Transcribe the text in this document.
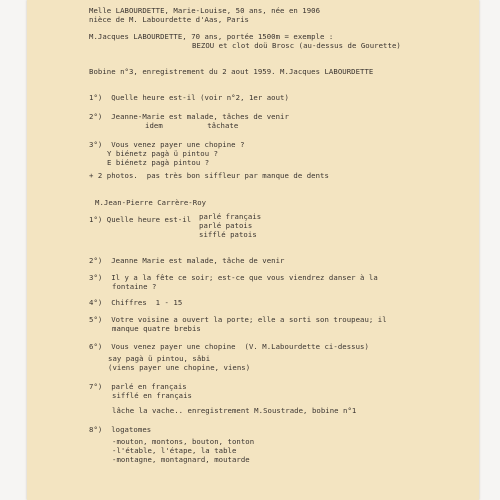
Melle LABOURDETTE, Marie-Louise, 50 ans, née en 1906
nièce de M. Labourdette d'Aas, Paris
M.Jacques LABOURDETTE, 70 ans, portée 1500m = exemple :
BEZOU et clot doü Brosc (au-dessus de Gourette)
Bobine n°3, enregistrement du 2 aout 1959. M.Jacques LABOURDETTE
1°)  Quelle heure est-il (voir n°2, 1er aout)
2°)  Jeanne-Marie est malade, tâches de venir
idem          tâchate
3°)  Vous venez payer une chopine ?
Y biénetz pagà ü pintou ?
E biénetz pagà pintou ?
+ 2 photos.  pas très bon siffleur par manque de dents
M.Jean-Pierre Carrère-Roy
1°) Quelle heure est-il parlé français
parlé patois
sifflé patois
2°)  Jeanne Marie est malade, tâche de venir
3°)  Il y a la fête ce soir; est-ce que vous viendrez danser à la
fontaine ?
4°)  Chiffres  1 - 15
5°)  Votre voisine a ouvert la porte; elle a sorti son troupeau; il
manque quatre brebis
6°)  Vous venez payer une chopine  (V. M.Labourdette ci-dessus)
say pagà ü pintou, sâbi
(viens payer une chopine, viens)
7°)  parlé en français
sifflé en français
lâche la vache.. enregistrement M.Soustrade, bobine n°1
8°)  logatomes
-mouton, montons, bouton, tonton
-l'étable, l'étape, la table
-montagne, montagnard, moutarde
